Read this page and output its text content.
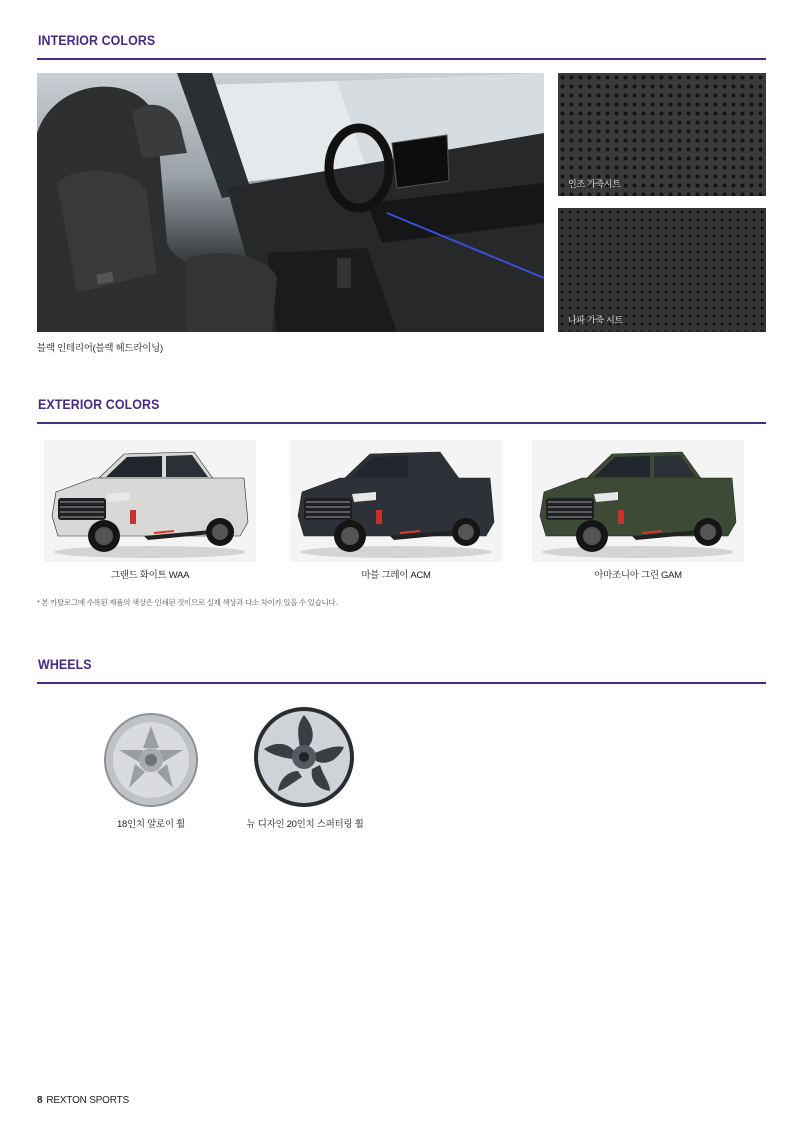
INTERIOR COLORS
블랙 인테리어(블랙 헤드라이닝)
인조 가죽시트
나파 가죽 시트
EXTERIOR COLORS
그랜드 화이트 WAA	마블 그레이 ACM	아마조니아 그린 GAM
* 본 카탈로그에 수록된 제품의 색상은 인쇄된 것이므로 실제 색상과 다소 차이가 있을 수 있습니다.
WHEELS
18인치 알로이 휠	뉴 디자인 20인치 스퍼터링 휠
8 REXTON SPORTS
